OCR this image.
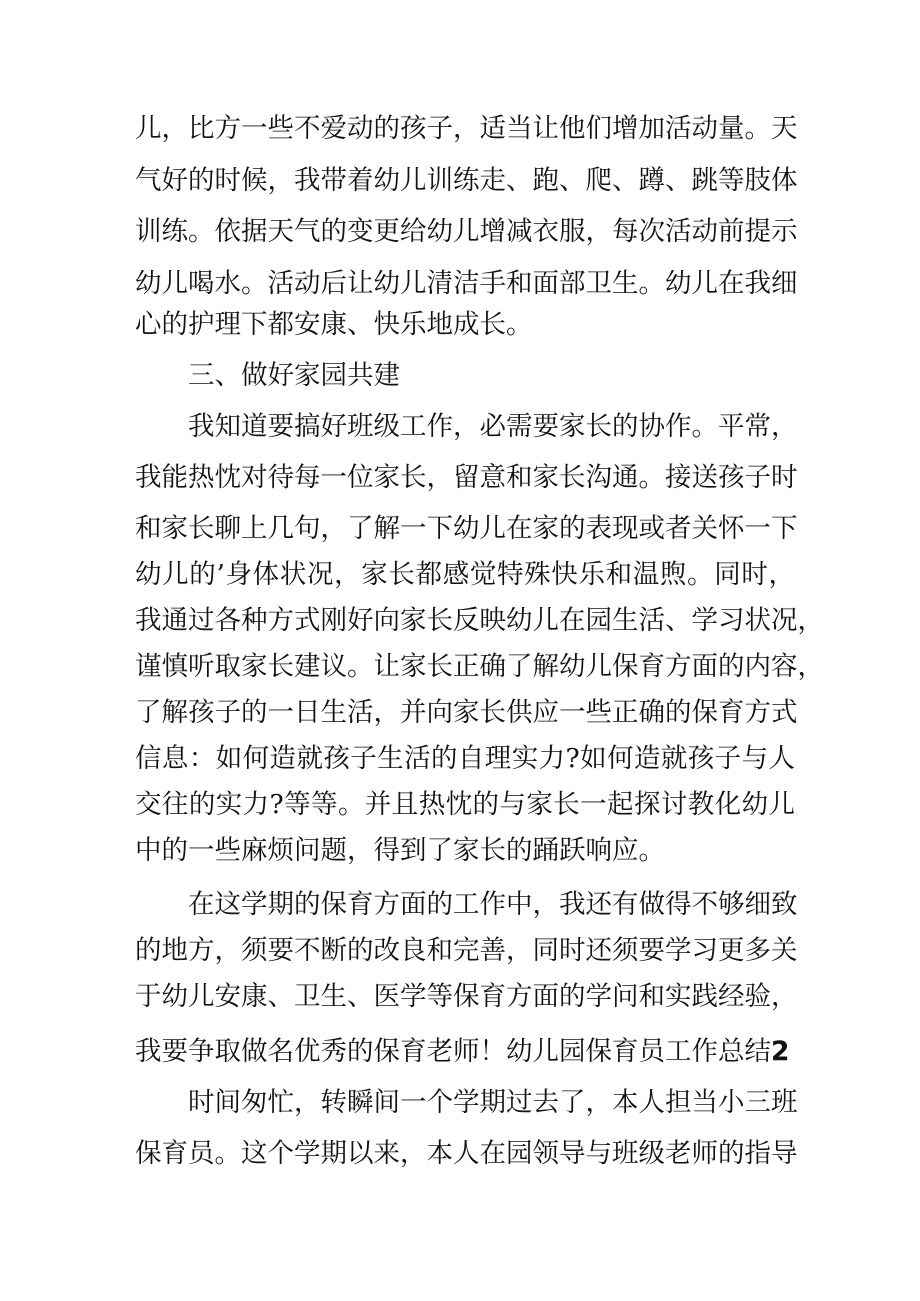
儿，比方一些不爱动的孩子，适当让他们增加活动量。天
气好的时候，我带着幼儿训练走、跑、爬、蹲、跳等肢体
训练。依据天气的变更给幼儿增减衣服，每次活动前提示
幼儿喝水。活动后让幼儿清洁手和面部卫生。幼儿在我细
心的护理下都安康、快乐地成长。
三、做好家园共建
我知道要搞好班级工作，必需要家长的协作。平常，
我能热忱对待每一位家长，留意和家长沟通。接送孩子时
和家长聊上几句，了解一下幼儿在家的表现或者关怀一下
幼儿的’身体状况，家长都感觉特殊快乐和温煦。同时，
我通过各种方式刚好向家长反映幼儿在园生活、学习状况，
谨慎听取家长建议。让家长正确了解幼儿保育方面的内容，
了解孩子的一日生活，并向家长供应一些正确的保育方式
信息：如何造就孩子生活的自理实力?如何造就孩子与人
交往的实力?等等。并且热忱的与家长一起探讨教化幼儿
中的一些麻烦问题，得到了家长的踊跃响应。
在这学期的保育方面的工作中，我还有做得不够细致
的地方，须要不断的改良和完善，同时还须要学习更多关
于幼儿安康、卫生、医学等保育方面的学问和实践经验，
我要争取做名优秀的保育老师！幼儿园保育员工作总结2
时间匆忙，转瞬间一个学期过去了，本人担当小三班
保育员。这个学期以来，本人在园领导与班级老师的指导
